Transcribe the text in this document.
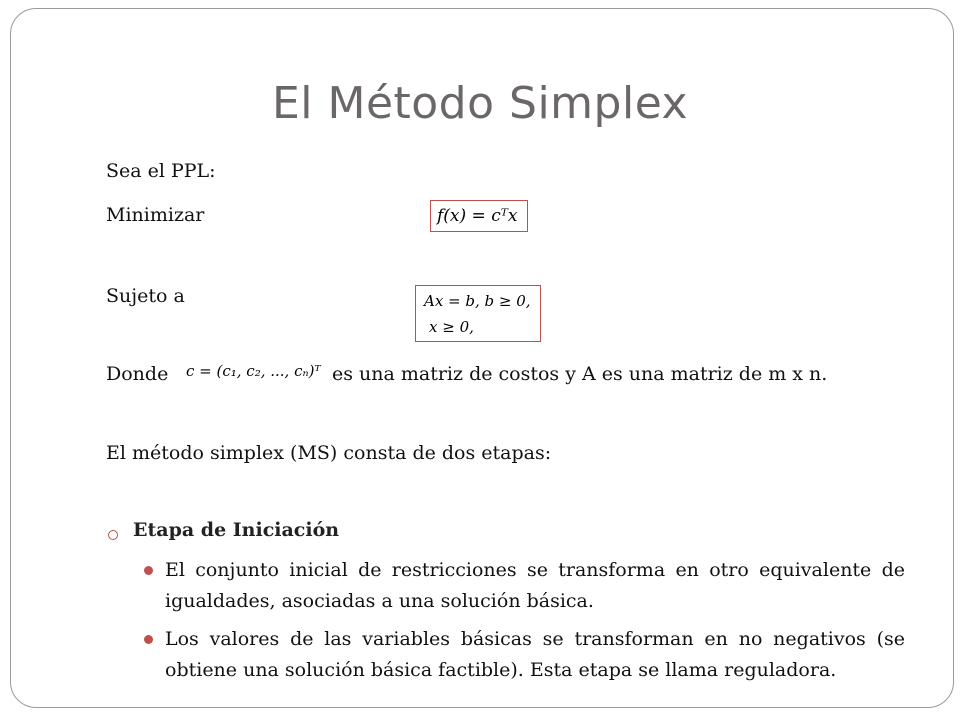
El Método Simplex
Sea el PPL:
Minimizar	f(x) = cᵀx
Sujeto a	Ax = b, b ≥ 0,
x ≥ 0,
Donde c = (c₁, c₂, ..., cₙ)ᵀ es una matriz de costos y A es una matriz de m x n.
El método simplex (MS) consta de dos etapas:
Etapa de Iniciación
El conjunto inicial de restricciones se transforma en otro equivalente de igualdades, asociadas a una solución básica.
Los valores de las variables básicas se transforman en no negativos (se obtiene una solución básica factible). Esta etapa se llama reguladora.
